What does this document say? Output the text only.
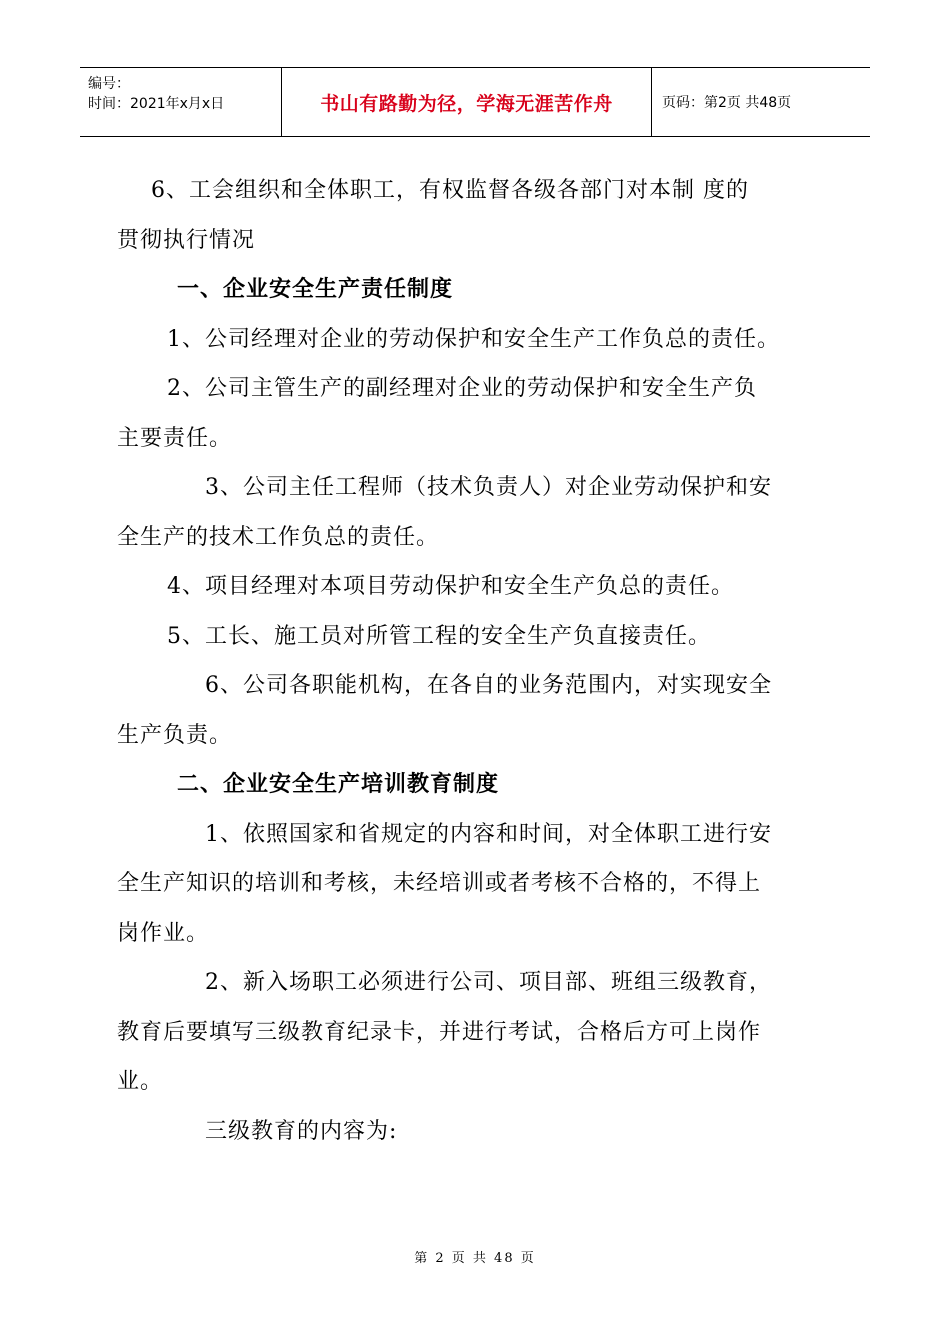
编号：
时间：2021年x月x日	书山有路勤为径，学海无涯苦作舟	页码：第2页 共48页

6、工会组织和全体职工，有权监督各级各部门对本制 度的

贯彻执行情况

一、企业安全生产责任制度

1、公司经理对企业的劳动保护和安全生产工作负总的责任。

2、公司主管生产的副经理对企业的劳动保护和安全生产负

主要责任。

3、公司主任工程师（技术负责人）对企业劳动保护和安

全生产的技术工作负总的责任。

4、项目经理对本项目劳动保护和安全生产负总的责任。

5、工长、施工员对所管工程的安全生产负直接责任。

6、公司各职能机构，在各自的业务范围内，对实现安全

生产负责。

二、企业安全生产培训教育制度

1、依照国家和省规定的内容和时间，对全体职工进行安

全生产知识的培训和考核，未经培训或者考核不合格的，不得上

岗作业。

2、新入场职工必须进行公司、项目部、班组三级教育，

教育后要填写三级教育纪录卡，并进行考试，合格后方可上岗作

业。

三级教育的内容为:

第 2 页 共 48 页
